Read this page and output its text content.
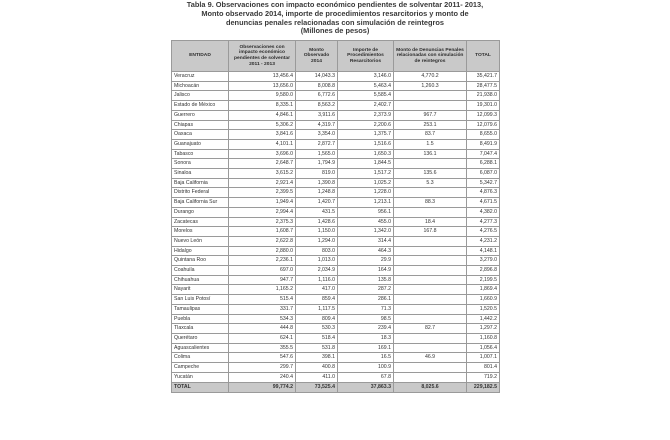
Tabla 9. Observaciones con impacto económico pendientes de solventar 2011- 2013,
Monto observado 2014, importe de procedimientos resarcitorios y monto de
denuncias penales relacionadas con simulación de reintegros
(Millones de pesos)
ENTIDAD	Observaciones con impacto económico pendientes de solventar 2011 - 2013	Monto Observado 2014	Importe de Procedimientos Resarcitorios	Monto de Denuncias Penales relacionadas con simulación de reintegros	TOTAL
Veracruz	13,456.4	14,043.3	3,146.0	4,770.2	35,421.7
Michoacán	13,656.0	8,008.8	5,463.4	1,260.3	28,477.5
Jalisco	9,580.0	6,772.6	5,585.4		21,938.0
Estado de México	8,335.1	8,563.2	2,402.7		19,301.0
Guerrero	4,846.1	3,911.6	2,373.9	967.7	12,099.3
Chiapas	5,306.2	4,319.7	2,200.6	253.1	12,079.6
Oaxaca	3,841.6	3,354.0	1,375.7	83.7	8,655.0
Guanajuato	4,101.1	2,872.7	1,516.6	1.5	8,491.9
Tabasco	3,696.0	1,565.0	1,650.3	136.1	7,047.4
Sonora	2,648.7	1,794.9	1,844.5		6,288.1
Sinaloa	3,615.2	819.0	1,517.2	135.6	6,087.0
Baja California	2,921.4	1,390.8	1,025.2	5.3	5,342.7
Distrito Federal	2,399.5	1,248.8	1,228.0		4,876.3
Baja California Sur	1,949.4	1,420.7	1,213.1	88.3	4,671.5
Durango	2,994.4	431.5	956.1		4,382.0
Zacatecas	2,375.3	1,428.6	455.0	18.4	4,277.3
Morelos	1,608.7	1,150.0	1,342.0	167.8	4,276.5
Nuevo León	2,622.8	1,294.0	314.4		4,231.2
Hidalgo	2,880.0	803.0	464.3		4,148.1
Quintana Roo	2,236.1	1,013.0	29.9		3,279.0
Coahuila	697.0	2,034.9	164.9		2,896.8
Chihuahua	947.7	1,116.0	135.8		2,199.5
Nayarit	1,165.2	417.0	287.2		1,869.4
San Luis Potosí	515.4	859.4	286.1		1,660.9
Tamaulipas	331.7	1,117.5	71.3		1,520.5
Puebla	534.3	809.4	98.5		1,442.2
Tlaxcala	444.8	530.3	239.4	82.7	1,297.2
Querétaro	624.1	518.4	18.3		1,160.8
Aguascalientes	355.5	531.8	169.1		1,056.4
Colima	547.6	398.1	16.5	46.9	1,007.1
Campeche	299.7	400.8	100.9		801.4
Yucatán	240.4	411.0	67.8		719.2
TOTAL	99,774.2	73,525.4	37,863.3	8,025.6	229,182.5
